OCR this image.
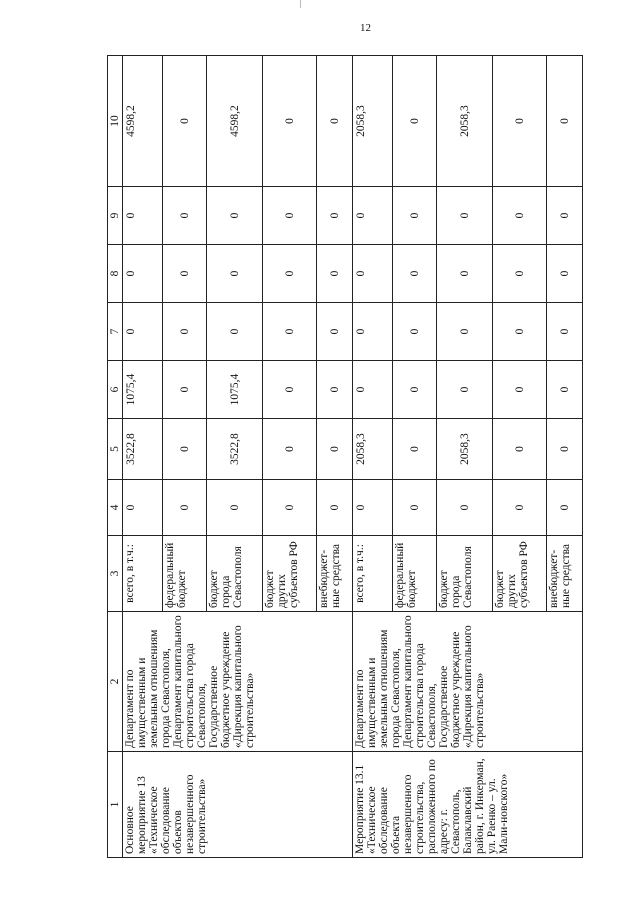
12
1	2	3	4	5	6	7	8	9	10
Основное мероприятие 13 «Техническое обследование объектов незавершенного строительства»	Департамент по имущественным и земельным отношениям города Севастополя, Департамент капитального строительства города Севастополя, Государственное бюджетное учреждение «Дирекция капитального строительства»	всего, в т.ч.:	0	3522,8	1075,4	0	0	0	4598,2
		федеральный бюджет	0	0	0	0	0	0	0
		бюджет города Севастополя	0	3522,8	1075,4	0	0	0	4598,2
		бюджет других субъектов РФ	0	0	0	0	0	0	0
		внебюджет-ные средства	0	0	0	0	0	0	0
Мероприятие 13.1 «Техническое обследование объекта незавершенного строительства, расположенного по адресу: г. Севастополь, Балаклавский район, г. Инкерман, ул. Раенко – ул. Мали-новского»	Департамент по имущественным и земельным отношениям города Севастополя, Департамент капитального строительства города Севастополя, Государственное бюджетное учреждение «Дирекция капитального строительства»	всего, в т.ч.:	0	2058,3	0	0	0	0	2058,3
		федеральный бюджет	0	0	0	0	0	0	0
		бюджет города Севастополя	0	2058,3	0	0	0	0	2058,3
		бюджет других субъектов РФ	0	0	0	0	0	0	0
		внебюджет-ные средства	0	0	0	0	0	0	0
